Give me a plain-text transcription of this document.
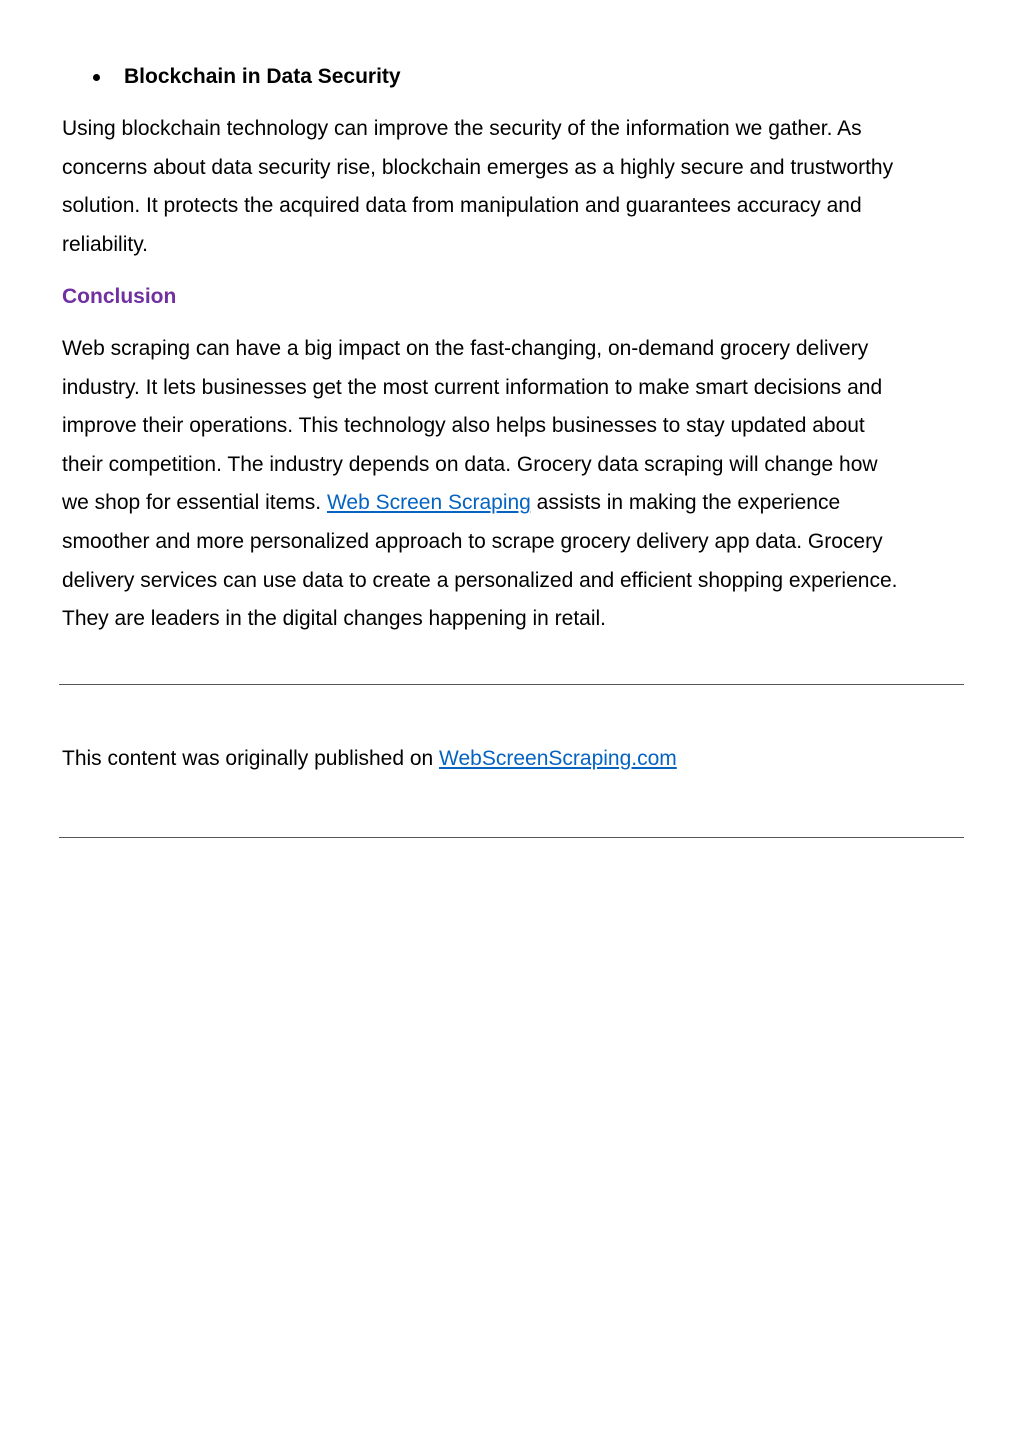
Blockchain in Data Security

Using blockchain technology can improve the security of the information we gather. As
concerns about data security rise, blockchain emerges as a highly secure and trustworthy
solution. It protects the acquired data from manipulation and guarantees accuracy and
reliability.

Conclusion

Web scraping can have a big impact on the fast-changing, on-demand grocery delivery
industry. It lets businesses get the most current information to make smart decisions and
improve their operations. This technology also helps businesses to stay updated about
their competition. The industry depends on data. Grocery data scraping will change how
we shop for essential items. Web Screen Scraping assists in making the experience
smoother and more personalized approach to scrape grocery delivery app data. Grocery
delivery services can use data to create a personalized and efficient shopping experience.
They are leaders in the digital changes happening in retail.

This content was originally published on WebScreenScraping.com
